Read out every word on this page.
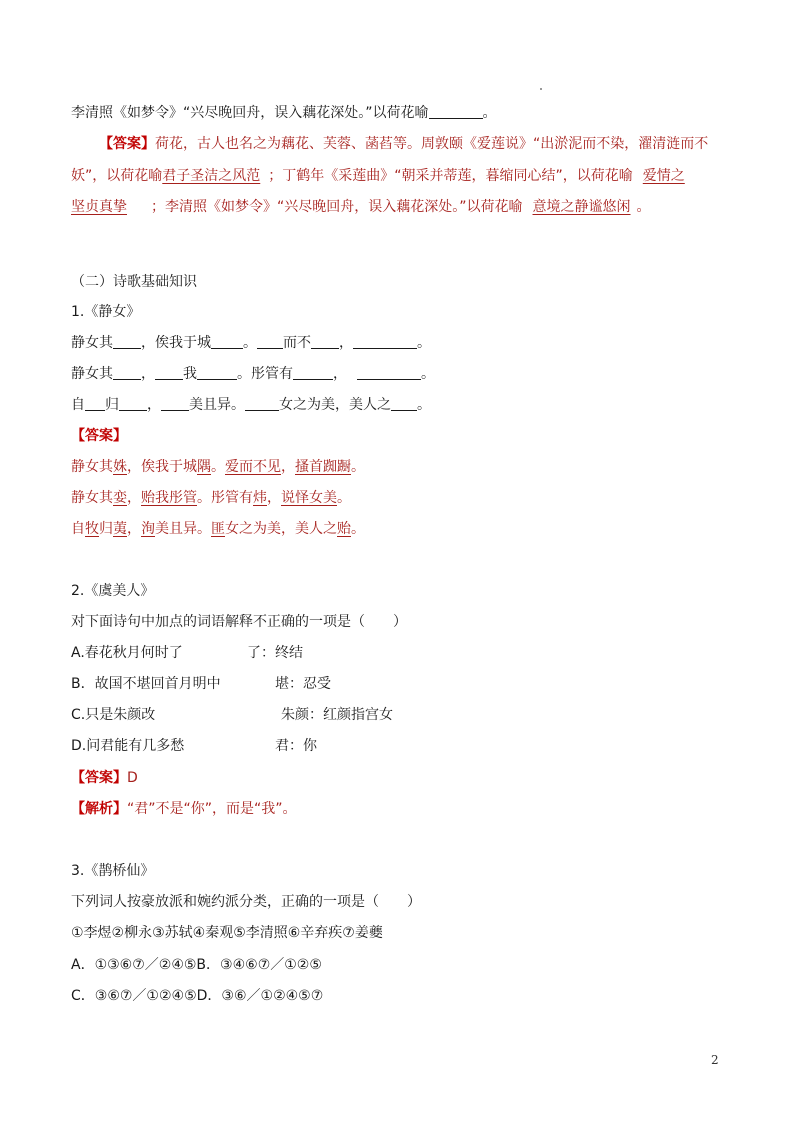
李清照《如梦令》“兴尽晚回舟，误入藕花深处。”以荷花喻	。
【答案】荷花，古人也名之为藕花、芙蓉、菡萏等。周敦颐《爱莲说》“出淤泥而不染，濯清涟而不
妖”，以荷花喻君子圣洁之风范 ；丁鹤年《采莲曲》“朝采并蒂莲，暮缩同心结”，以荷花喻 爱情之
坚贞真挚 ；李清照《如梦令》“兴尽晚回舟，误入藕花深处。”以荷花喻 意境之静谧悠闲 。
（二）诗歌基础知识
1.《静女》
静女其 ，俟我于城 。 而不 ，	。
静女其 ， 我	。彤管有	，	。
自 归 ， 美且异。 女之为美，美人之 。
【答案】
静女其姝，俟我于城隅。爱而不见，搔首踟蹰。
静女其娈，贻我彤管。彤管有炜，说怿女美。
自牧归荑，洵美且异。匪女之为美，美人之贻。
2.《虞美人》
对下面诗句中加点的词语解释不正确的一项是（　　）
A.春花秋月何时了	了：终结
B．故国不堪回首月明中	堪：忍受
C.只是朱颜改	朱颜：红颜指宫女
D.问君能有几多愁	君：你
【答案】D
【解析】“君”不是“你”，而是“我”。
3.《鹊桥仙》
下列词人按豪放派和婉约派分类，正确的一项是（　　）
①李煜②柳永③苏轼④秦观⑤李清照⑥辛弃疾⑦姜夔
A．①③⑥⑦／②④⑤B．③④⑥⑦／①②⑤
C．③⑥⑦／①②④⑤D．③⑥／①②④⑤⑦
2
